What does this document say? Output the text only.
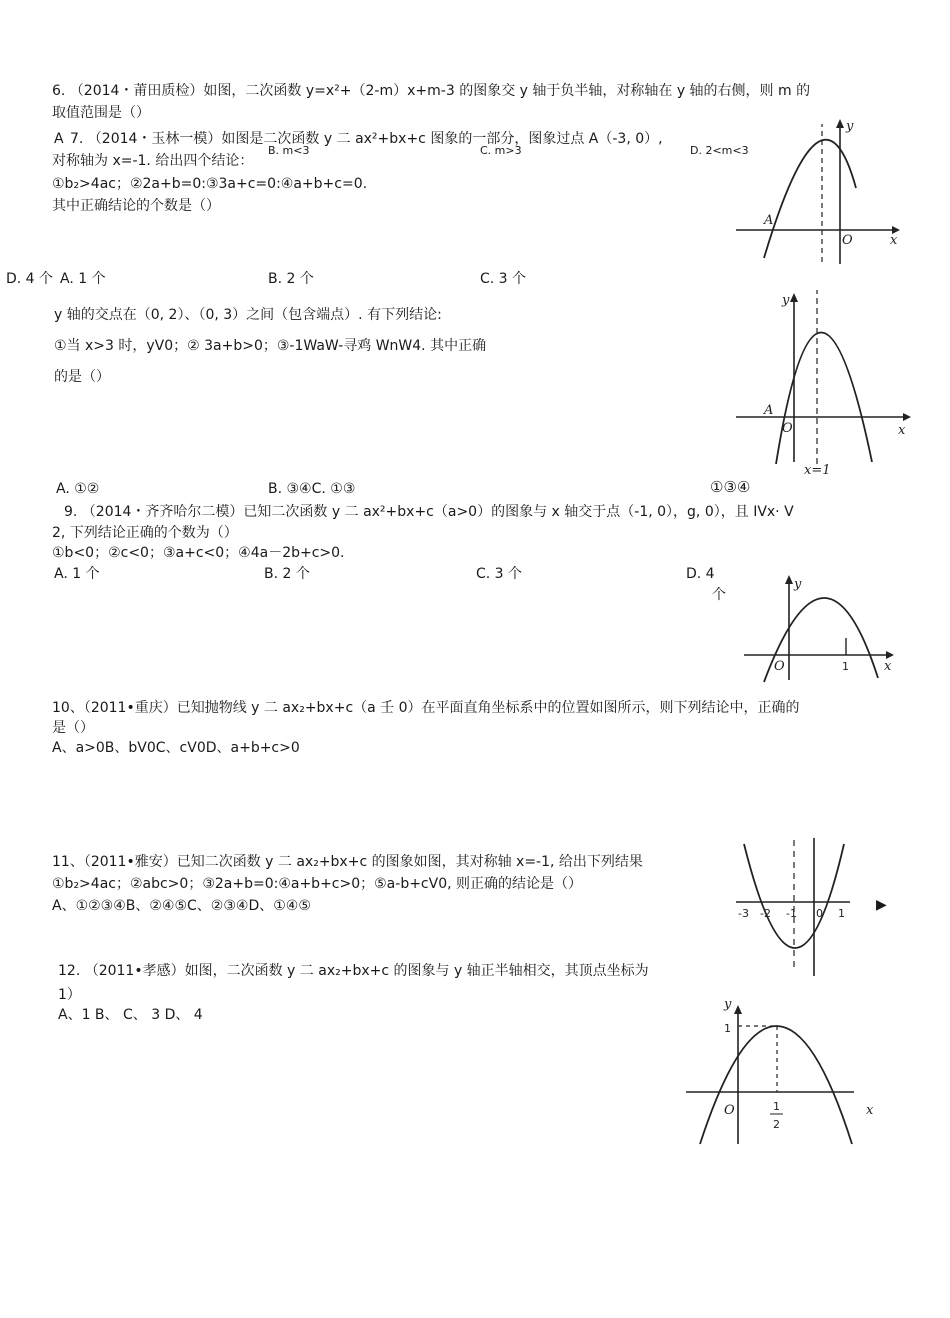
6. （2014・莆田质检）如图，二次函数 y=x²+（2-m）x+m-3 的图象交 y 轴于负半轴，对称轴在 y 轴的右侧，则 m 的
取值范围是（）
A
B. m<3	C. m>3	D. 2<m<3
7. （2014・玉林一模）如图是二次函数 y 二 ax²+bx+c 图象的一部分，图象过点 A（-3, 0）,
对称轴为 x=-1. 给出四个结论：
①b₂>4ac；②2a+b=0:③3a+c=0:④a+b+c=0.
其中正确结论的个数是（）
D. 4 个 A. 1 个	B. 2 个	C. 3 个
y
x
O
A
y 轴的交点在（0, 2）、（0, 3）之间（包含端点）. 有下列结论:
①当 x>3 时，yV0；② 3a+b>0；③-1WaW-寻鸡 WnW4. 其中正确
的是（）
A. ①②	B. ③④C. ①③	①③④
y
x
O
A
x=1
9. （2014・齐齐哈尔二模）已知二次函数 y 二 ax²+bx+c（a>0）的图象与 x 轴交于点（-1, 0），g, 0），且 IVx· V
2, 下列结论正确的个数为（）
①b<0；②c<0；③a+c<0；④4a－2b+c>0.
A. 1 个	B. 2 个	C. 3 个	D. 4
个
y
x
O	1
10、（2011•重庆）已知抛物线 y 二 ax₂+bx+c（a 壬 0）在平面直角坐标系中的位置如图所示，则下列结论中，正确的
是（）
A、a>0B、bV0C、cV0D、a+b+c>0
11、（2011•雅安）已知二次函数 y 二 ax₂+bx+c 的图象如图，其对称轴 x=-1, 给出下列结果
①b₂>4ac；②abc>0；③2a+b=0:④a+b+c>0；⑤a-b+cV0, 则正确的结论是（）
A、①②③④B、②④⑤C、②③④D、①④⑤	-3 -2 -1 0 1
▶
12. （2011•孝感）如图，二次函数 y 二 ax₂+bx+c 的图象与 y 轴正半轴相交，其顶点坐标为
1）
A、1 B、 C、 3 D、 4
y
x
O
1
1
2
